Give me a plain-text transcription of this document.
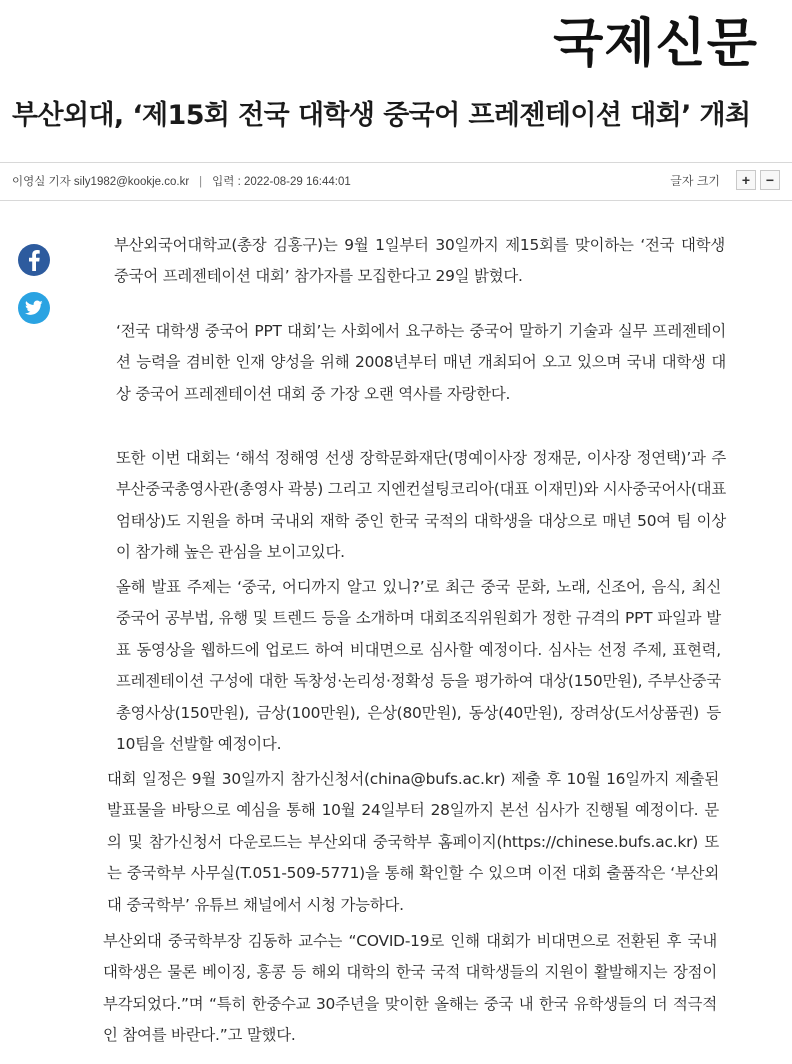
국제신문
부산외대, ‘제15회 전국 대학생 중국어 프레젠테이션 대회’ 개최
이영실 기자 sily1982@kookje.co.kr | 입력 : 2022-08-29 16:44:01	글자 크기	+	−

부산외국어대학교(총장 김홍구)는 9월 1일부터 30일까지 제15회를 맞이하는 ‘전국 대학생 중국어 프레젠테이션 대회’ 참가자를 모집한다고 29일 밝혔다.

‘전국 대학생 중국어 PPT 대회’는 사회에서 요구하는 중국어 말하기 기술과 실무 프레젠테이션 능력을 겸비한 인재 양성을 위해 2008년부터 매년 개최되어 오고 있으며 국내 대학생 대상 중국어 프레젠테이션 대회 중 가장 오랜 역사를 자랑한다.

또한 이번 대회는 ‘해석 정해영 선생 장학문화재단(명예이사장 정재문, 이사장 정연택)’과 주부산중국총영사관(총영사 곽붕) 그리고 지엔컨설팅코리아(대표 이재민)와 시사중국어사(대표 엄태상)도 지원을 하며 국내외 재학 중인 한국 국적의 대학생을 대상으로 매년 50여 팀 이상이 참가해 높은 관심을 보이고있다.

올해 발표 주제는 ‘중국, 어디까지 알고 있니?’로 최근 중국 문화, 노래, 신조어, 음식, 최신 중국어 공부법, 유행 및 트렌드 등을 소개하며 대회조직위원회가 정한 규격의 PPT 파일과 발표 동영상을 웹하드에 업로드 하여 비대면으로 심사할 예정이다. 심사는 선정 주제, 표현력, 프레젠테이션 구성에 대한 독창성·논리성·정확성 등을 평가하여 대상(150만원), 주부산중국총영사상(150만원), 금상(100만원), 은상(80만원), 동상(40만원), 장려상(도서상품권) 등 10팀을 선발할 예정이다.

대회 일정은 9월 30일까지 참가신청서(china@bufs.ac.kr) 제출 후 10월 16일까지 제출된 발표물을 바탕으로 예심을 통해 10월 24일부터 28일까지 본선 심사가 진행될 예정이다. 문의 및 참가신청서 다운로드는 부산외대 중국학부 홈페이지(https://chinese.bufs.ac.kr) 또는 중국학부 사무실(T.051-509-5771)을 통해 확인할 수 있으며 이전 대회 출품작은 ‘부산외대 중국학부’ 유튜브 채널에서 시청 가능하다.

부산외대 중국학부장 김동하 교수는 “COVID-19로 인해 대회가 비대면으로 전환된 후 국내 대학생은 물론 베이징, 홍콩 등 해외 대학의 한국 국적 대학생들의 지원이 활발해지는 장점이 부각되었다.”며 “특히 한중수교 30주년을 맞이한 올해는 중국 내 한국 유학생들의 더 적극적인 참여를 바란다.”고 말했다.
